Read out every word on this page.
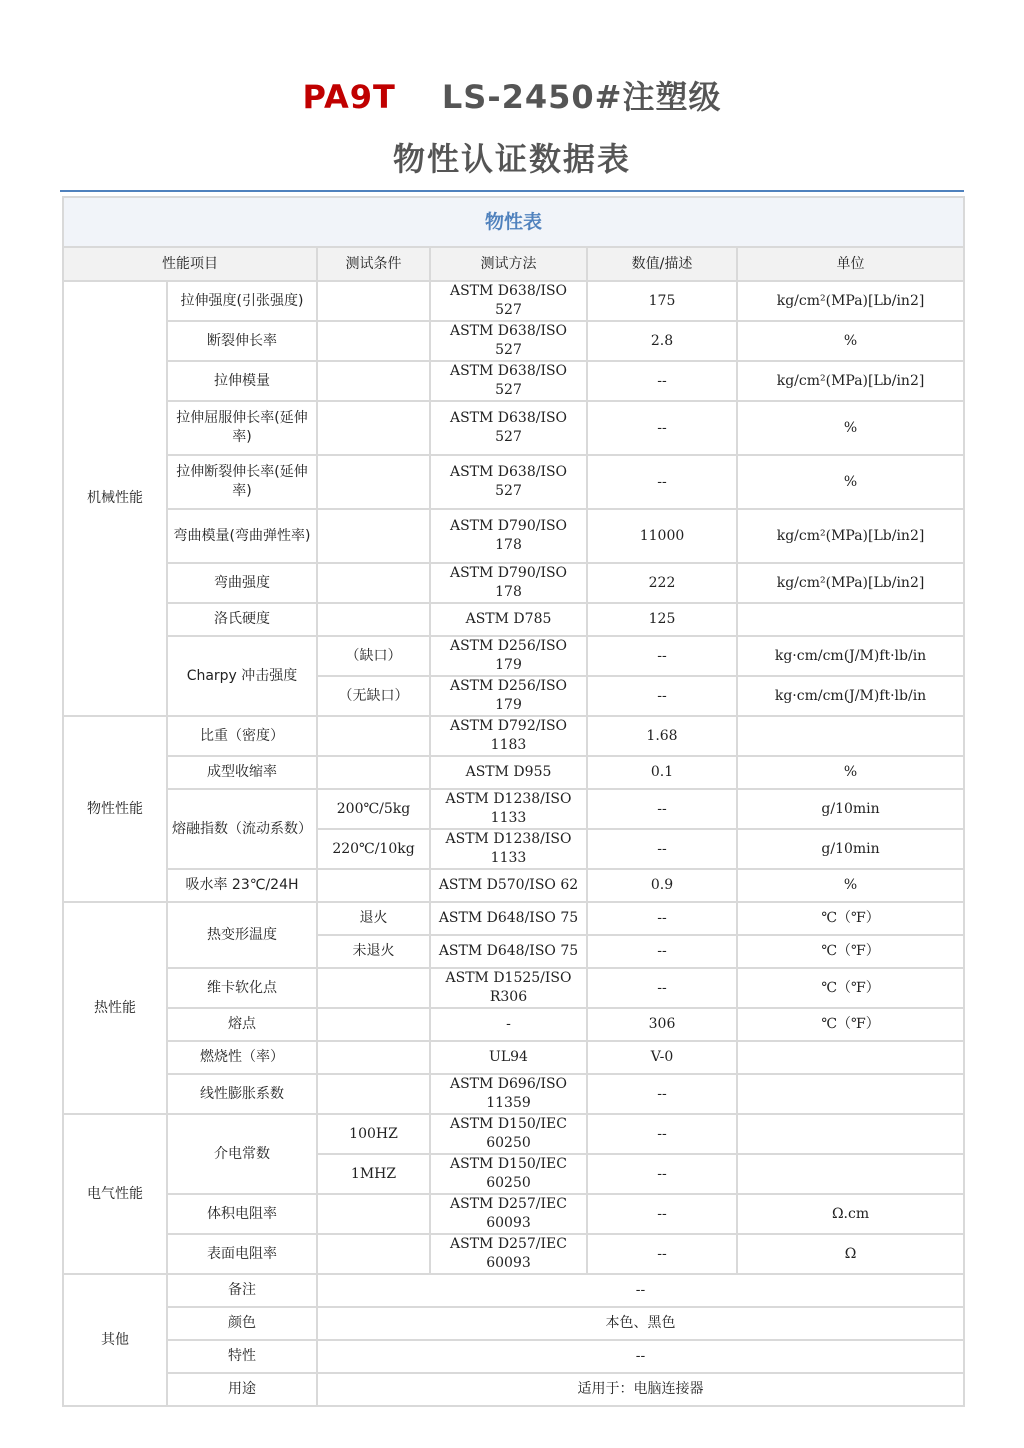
PA9T LS-2450#注塑级
物性认证数据表
物性表					
性能项目		测试条件	测试方法	数值/描述	单位
机械性能	拉伸强度(引张强度)		ASTM D638/ISO 527	175	kg/cm²(MPa)[Lb/in2]
	断裂伸长率		ASTM D638/ISO 527	2.8	%
	拉伸模量		ASTM D638/ISO 527	--	kg/cm²(MPa)[Lb/in2]
	拉伸屈服伸长率(延伸率)		ASTM D638/ISO 527	--	%
	拉伸断裂伸长率(延伸率)		ASTM D638/ISO 527	--	%
	弯曲模量(弯曲弹性率)		ASTM D790/ISO 178	11000	kg/cm²(MPa)[Lb/in2]
	弯曲强度		ASTM D790/ISO 178	222	kg/cm²(MPa)[Lb/in2]
	洛氏硬度		ASTM D785	125	
	Charpy 冲击强度	（缺口）	ASTM D256/ISO 179	--	kg·cm/cm(J/M)ft·lb/in
		（无缺口）	ASTM D256/ISO 179	--	kg·cm/cm(J/M)ft·lb/in
物性性能	比重（密度）		ASTM D792/ISO 1183	1.68	
	成型收缩率		ASTM D955	0.1	%
	熔融指数（流动系数）	200℃/5kg	ASTM D1238/ISO 1133	--	g/10min
		220℃/10kg	ASTM D1238/ISO 1133	--	g/10min
	吸水率 23℃/24H		ASTM D570/ISO 62	0.9	%
热性能	热变形温度	退火	ASTM D648/ISO 75	--	℃（℉）
		未退火	ASTM D648/ISO 75	--	℃（℉）
	维卡软化点		ASTM D1525/ISO R306	--	℃（℉）
	熔点		-	306	℃（℉）
	燃烧性（率）		UL94	V-0	
	线性膨胀系数		ASTM D696/ISO 11359	--	
电气性能	介电常数	100HZ	ASTM D150/IEC 60250	--	
		1MHZ	ASTM D150/IEC 60250	--	
	体积电阻率		ASTM D257/IEC 60093	--	Ω.cm
	表面电阻率		ASTM D257/IEC 60093	--	Ω
其他	备注	--			
	颜色	本色、黑色			
	特性	--			
	用途	适用于：电脑连接器			
